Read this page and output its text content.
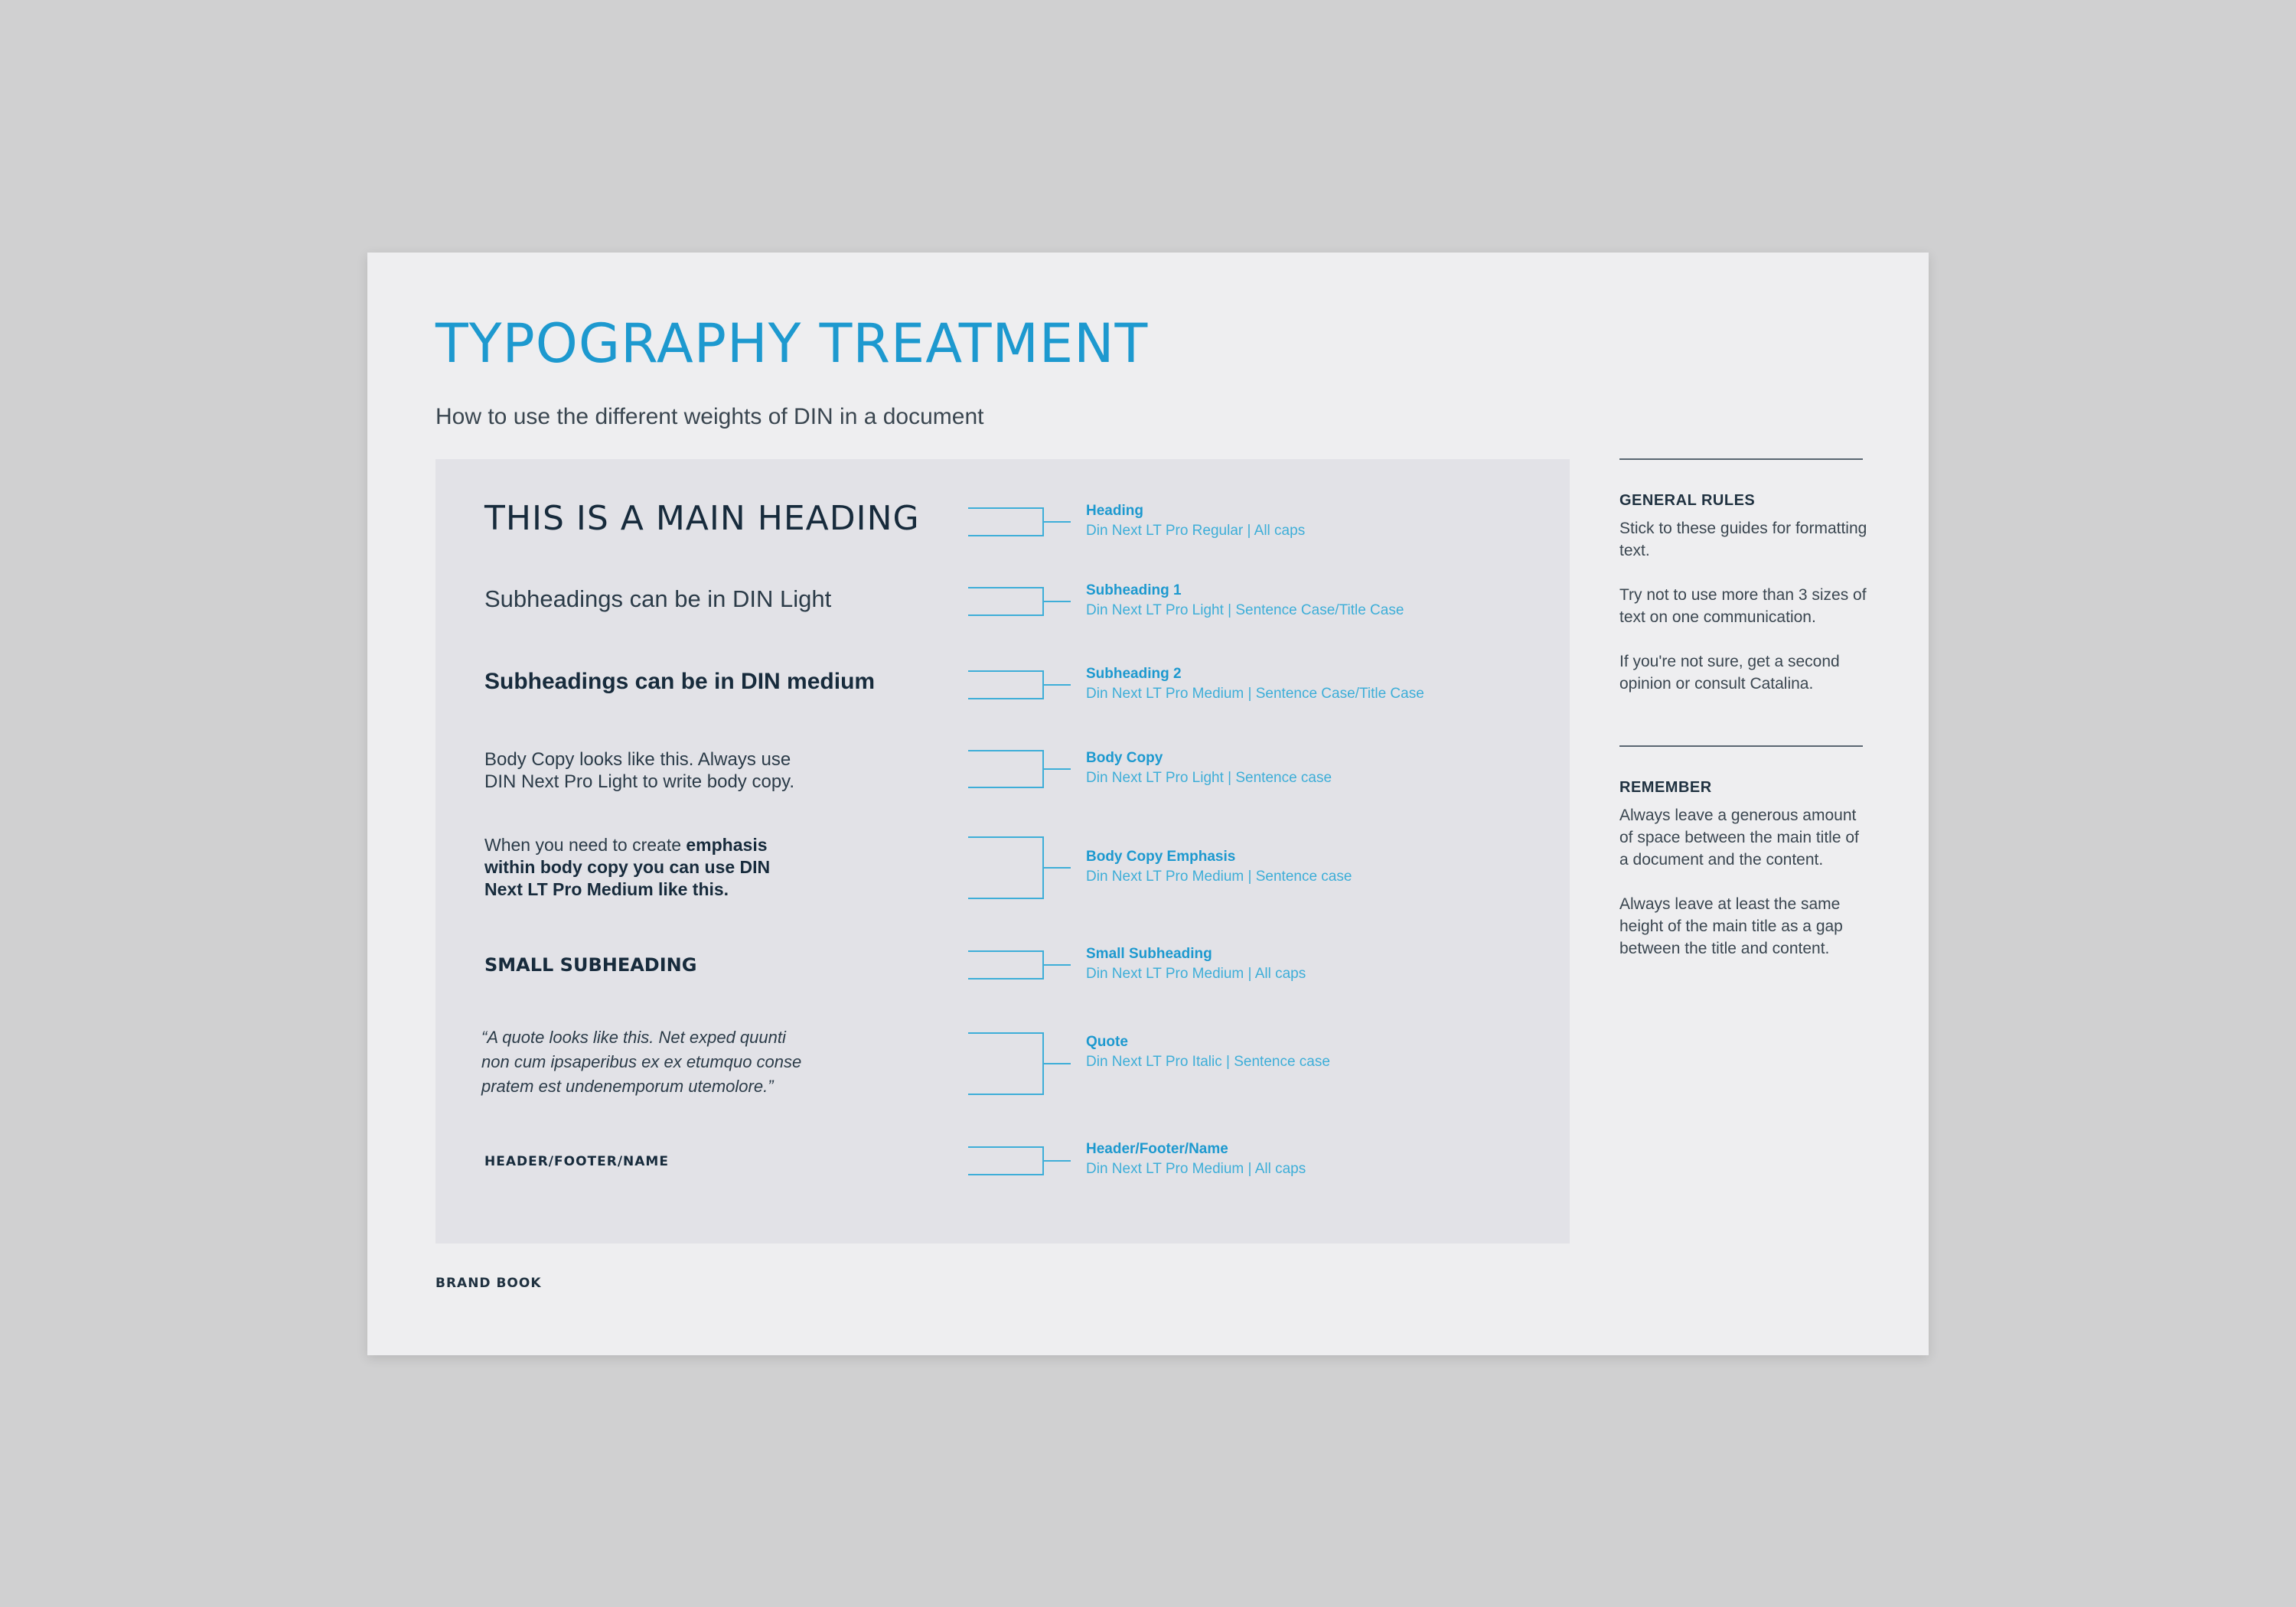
TYPOGRAPHY TREATMENT
How to use the different weights of DIN in a document
THIS IS A MAIN HEADING
Subheadings can be in DIN Light
Subheadings can be in DIN medium
Body Copy looks like this. Always use
DIN Next Pro Light to write body copy.
When you need to create emphasis
within body copy you can use DIN
Next LT Pro Medium like this.
SMALL SUBHEADING
“A quote looks like this. Net exped quunti
non cum ipsaperibus ex ex etumquo conse
pratem est undenemporum utemolore.”
HEADER/FOOTER/NAME
Heading
Din Next LT Pro Regular | All caps
Subheading 1
Din Next LT Pro Light | Sentence Case/Title Case
Subheading 2
Din Next LT Pro Medium | Sentence Case/Title Case
Body Copy
Din Next LT Pro Light | Sentence case
Body Copy Emphasis
Din Next LT Pro Medium | Sentence case
Small Subheading
Din Next LT Pro Medium | All caps
Quote
Din Next LT Pro Italic | Sentence case
Header/Footer/Name
Din Next LT Pro Medium | All caps
GENERAL RULES

Stick to these guides for formatting text.

Try not to use more than 3 sizes of text on one communication.

If you're not sure, get a second opinion or consult Catalina.

REMEMBER

Always leave a generous amount of space between the main title of a document and the content.

Always leave at least the same height of the main title as a gap between the title and content.

BRAND BOOK
